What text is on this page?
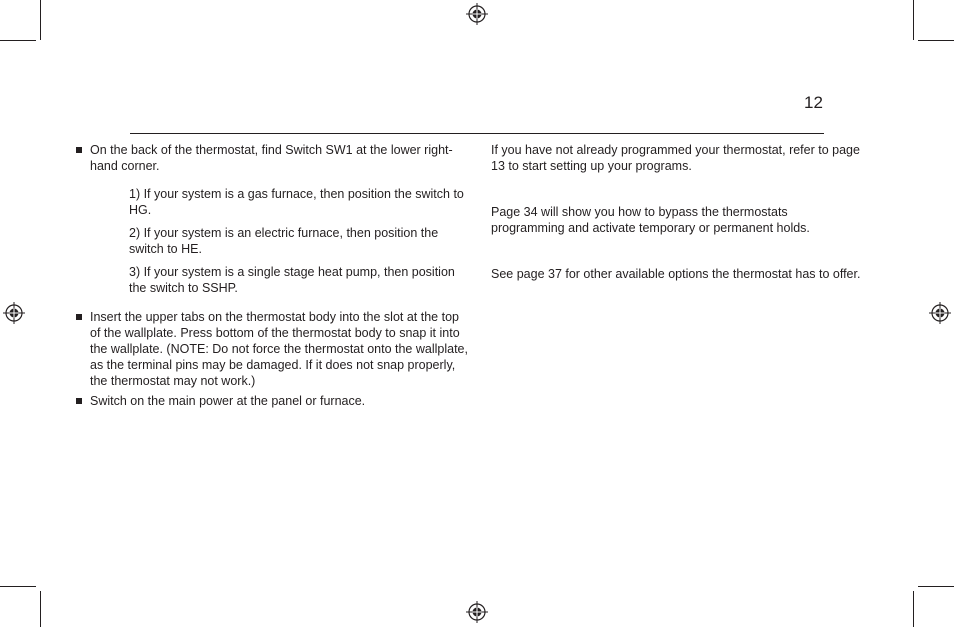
12

On the back of the thermostat, find Switch SW1 at the lower right-hand corner.

1) If your system is a gas furnace, then position the switch to HG.

2) If your system is an electric furnace, then position the switch to HE.

3) If your system is a single stage heat pump, then position the switch to SSHP.

Insert the upper tabs on the thermostat body into the slot at the top of the wallplate. Press bottom of the thermostat body to snap it into the wallplate. (NOTE: Do not force the thermostat onto the wallplate, as the terminal pins may be damaged. If it does not snap properly, the thermostat may not work.)

Switch on the main power at the panel or furnace.

If you have not already programmed your thermostat, refer to page 13 to start setting up your programs.

Page 34 will show you how to bypass the thermostats programming and activate temporary or permanent holds.

See page 37 for other available options the thermostat has to offer.
